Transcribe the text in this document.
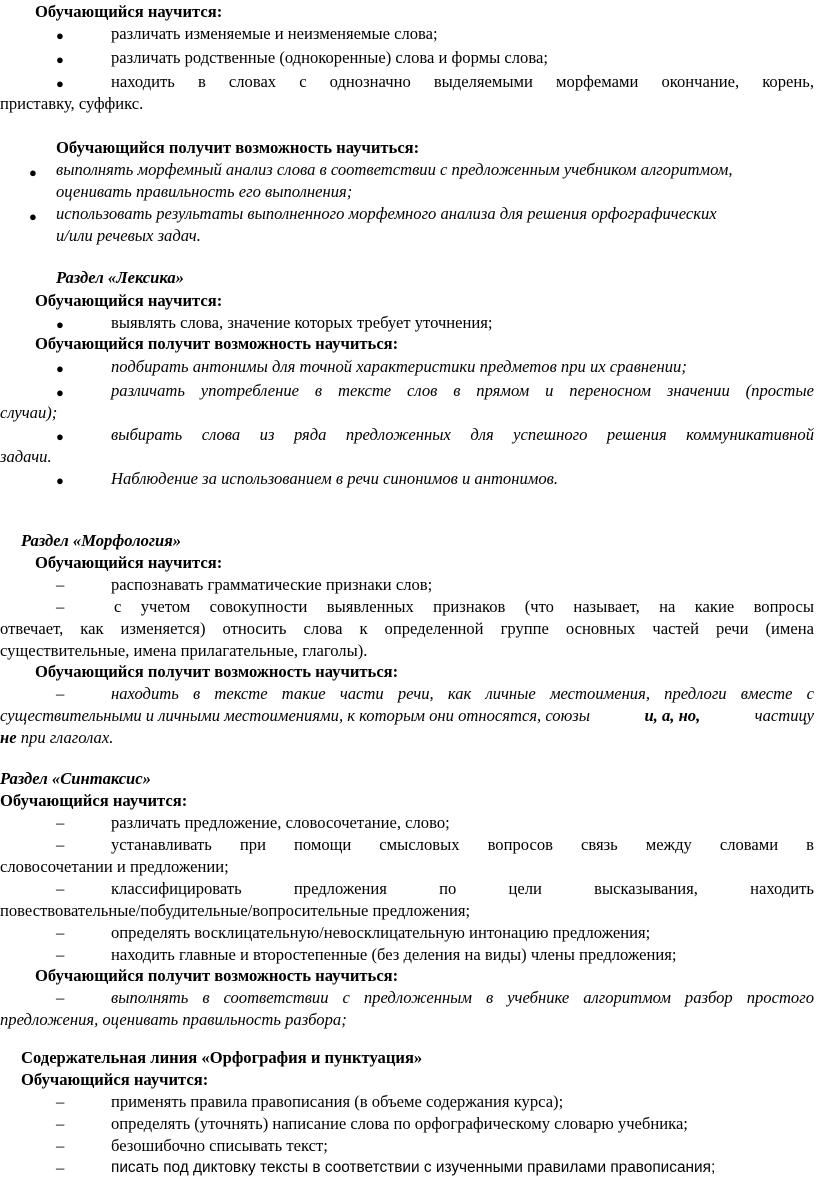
Обучающийся научится:
●	различать изменяемые и неизменяемые слова;
●	различать родственные (однокоренные) слова и формы слова;
●	находить в словах с однозначно выделяемыми морфемами окончание, корень,
приставку, суффикс.
Обучающийся получит возможность научиться:
● выполнять морфемный анализ слова в соответствии с предложенным учебником алгоритмом,
оценивать правильность его выполнения;
● использовать результаты выполненного морфемного анализа для решения орфографических
и/или речевых задач.
Раздел «Лексика»
Обучающийся научится:
●	выявлять слова, значение которых требует уточнения;
Обучающийся получит возможность научиться:
●	подбирать антонимы для точной характеристики предметов при их сравнении;
●	различать употребление в тексте слов в прямом и переносном значении (простые
случаи);
●	выбирать слова из ряда предложенных для успешного решения коммуникативной
задачи.
●	Наблюдение за использованием в речи синонимов и антонимов.
Раздел «Морфология»
Обучающийся научится:
–	распознавать грамматические признаки слов;
–	с учетом совокупности выявленных признаков (что называет, на какие вопросы
отвечает, как изменяется) относить слова к определенной группе основных частей речи (имена
существительные, имена прилагательные, глаголы).
Обучающийся получит возможность научиться:
–	находить в тексте такие части речи, как личные местоимения, предлоги вместе с
существительными и личными местоимениями, к которым они относятся, союзы	и, а, но,	частицу
не при глаголах.
Раздел «Синтаксис»
Обучающийся научится:
–	различать предложение, словосочетание, слово;
–	устанавливать при помощи смысловых вопросов связь между словами в
словосочетании и предложении;
–	классифицировать предложения по цели высказывания, находить
повествовательные/побудительные/вопросительные предложения;
–	определять восклицательную/невосклицательную интонацию предложения;
–	находить главные и второстепенные (без деления на виды) члены предложения;
Обучающийся получит возможность научиться:
–	выполнять в соответствии с предложенным в учебнике алгоритмом разбор простого
предложения, оценивать правильность разбора;
Содержательная линия «Орфография и пунктуация»
Обучающийся научится:
–	применять правила правописания (в объеме содержания курса);
–	определять (уточнять) написание слова по орфографическому словарю учебника;
–	безошибочно списывать текст;
–	писать под диктовку тексты в соответствии с изученными правилами правописания;
